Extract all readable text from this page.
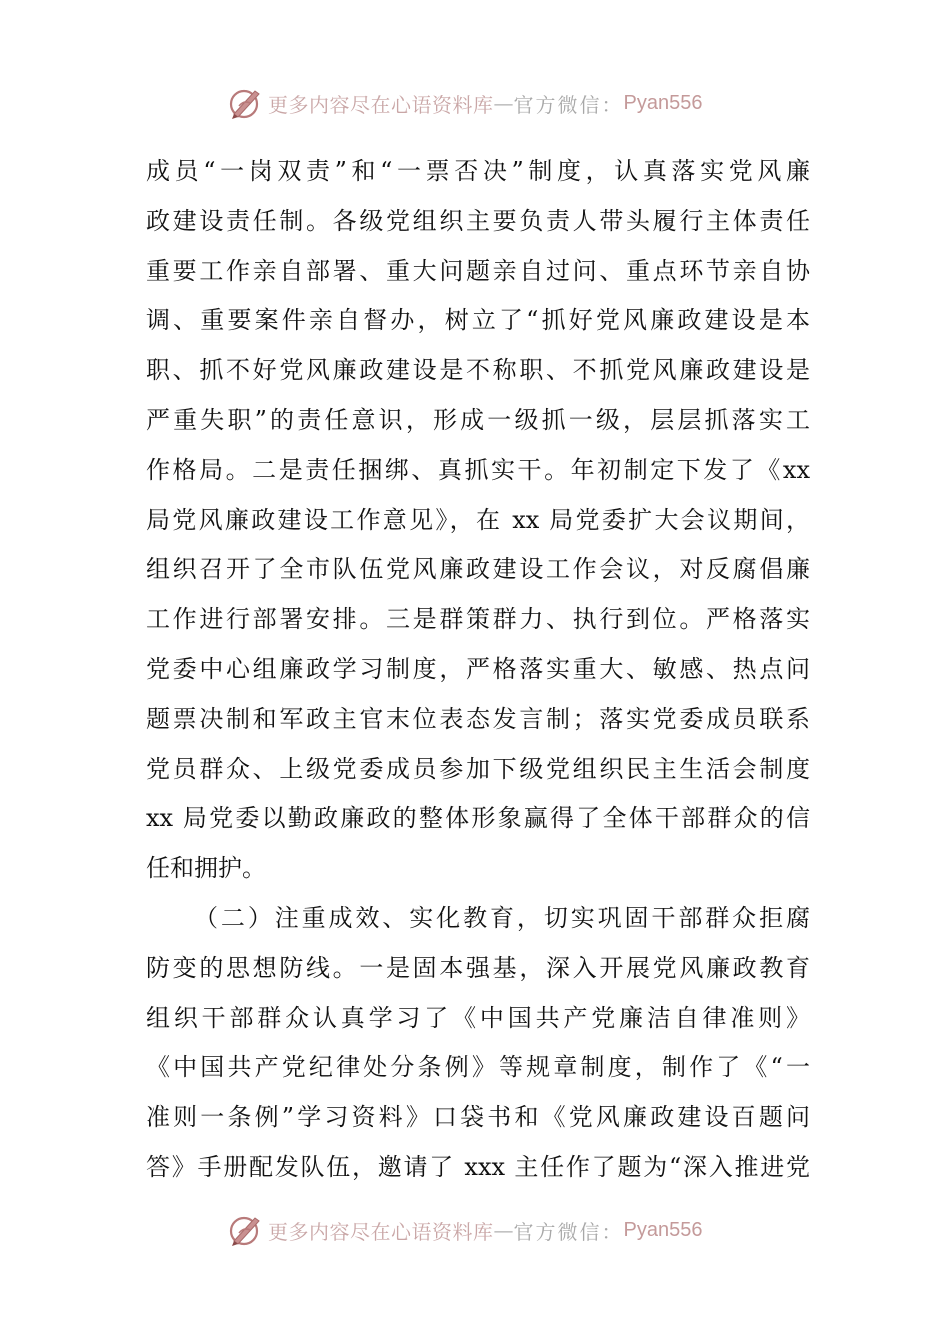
更多内容尽在心语资料库 — 官方微信： Pyan556
成员“一岗双责”和“一票否决”制度，认真落实党风廉
政建设责任制。各级党组织主要负责人带头履行主体责任
重要工作亲自部署、重大问题亲自过问、重点环节亲自协
调、重要案件亲自督办，树立了“抓好党风廉政建设是本
职、抓不好党风廉政建设是不称职、不抓党风廉政建设是
严重失职”的责任意识，形成一级抓一级，层层抓落实工
作格局。二是责任捆绑、真抓实干。年初制定下发了《xx
局党风廉政建设工作意见》，在 xx 局党委扩大会议期间，
组织召开了全市队伍党风廉政建设工作会议，对反腐倡廉
工作进行部署安排。三是群策群力、执行到位。严格落实
党委中心组廉政学习制度，严格落实重大、敏感、热点问
题票决制和军政主官末位表态发言制；落实党委成员联系
党员群众、上级党委成员参加下级党组织民主生活会制度
xx 局党委以勤政廉政的整体形象赢得了全体干部群众的信
任和拥护。
（二）注重成效、实化教育，切实巩固干部群众拒腐
防变的思想防线。一是固本强基，深入开展党风廉政教育
组织干部群众认真学习了《中国共产党廉洁自律准则》
《中国共产党纪律处分条例》等规章制度，制作了《“一
准则一条例”学习资料》口袋书和《党风廉政建设百题问
答》手册配发队伍，邀请了 xxx 主任作了题为“深入推进党
更多内容尽在心语资料库 — 官方微信： Pyan556
